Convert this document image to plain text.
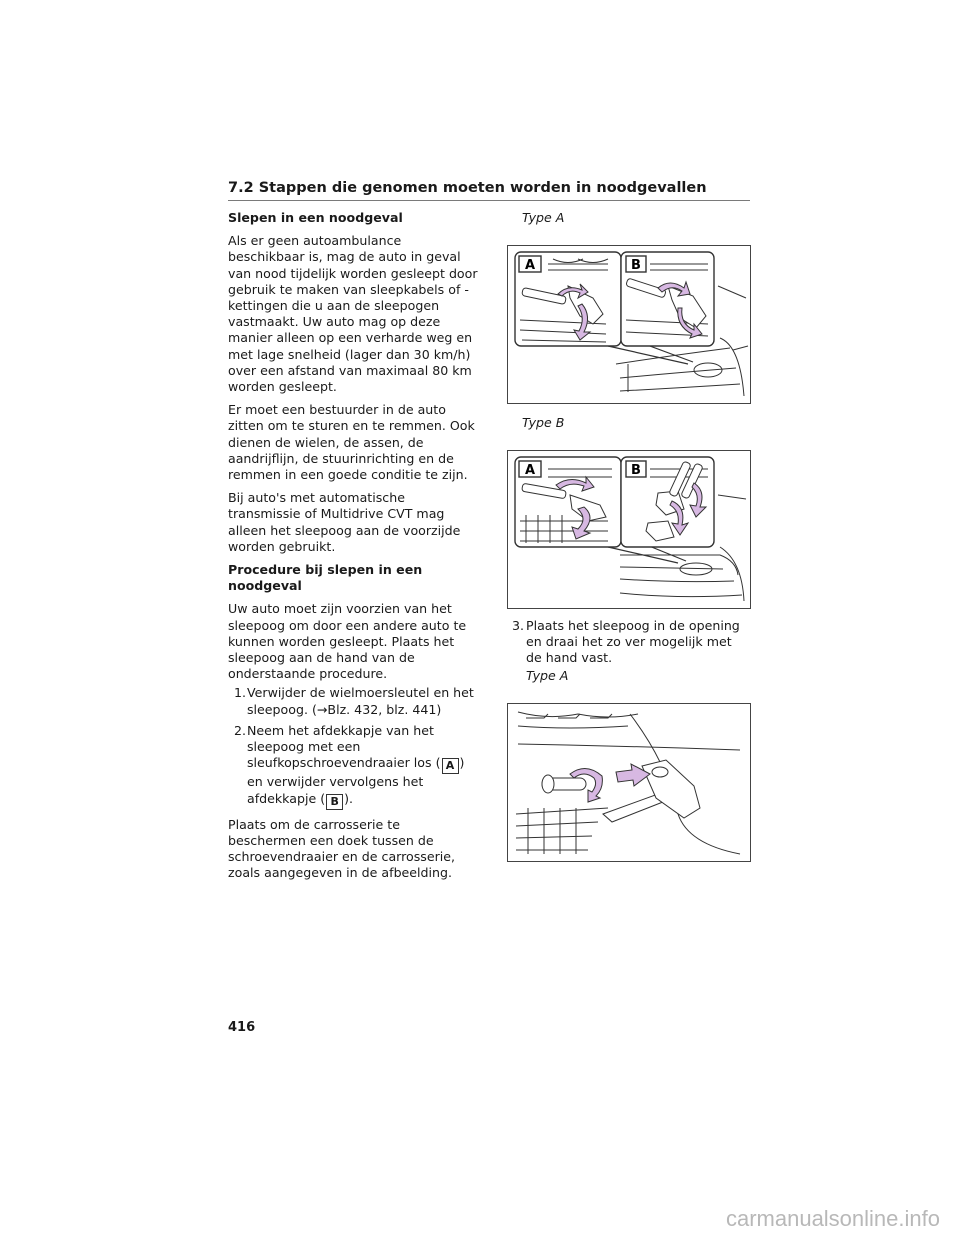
7.2 Stappen die genomen moeten worden in noodgevallen
Slepen in een noodgeval

Als er geen autoambulance beschikbaar is, mag de auto in geval van nood tijdelijk worden gesleept door gebruik te maken van sleepkabels of -kettingen die u aan de sleepogen vastmaakt. Uw auto mag op deze manier alleen op een verharde weg en met lage snelheid (lager dan 30 km/h) over een afstand van maximaal 80 km worden gesleept.

Er moet een bestuurder in de auto zitten om te sturen en te remmen. Ook dienen de wielen, de assen, de aandrijflijn, de stuurinrichting en de remmen in een goede conditie te zijn.

Bij auto's met automatische transmissie of Multidrive CVT mag alleen het sleepoog aan de voorzijde worden gebruikt.

Procedure bij slepen in een noodgeval

Uw auto moet zijn voorzien van het sleepoog om door een andere auto te kunnen worden gesleept. Plaats het sleepoog aan de hand van de onderstaande procedure.

1. Verwijder de wielmoersleutel en het sleepoog. (→Blz. 432, blz. 441)
2. Neem het afdekkapje van het sleepoog met een sleufkopschroevendraaier los ( A ) en verwijder vervolgens het afdekkapje ( B ).

Plaats om de carrosserie te beschermen een doek tussen de schroevendraaier en de carrosserie, zoals aangegeven in de afbeelding.

Type A
A	B
Type B
A	B
3. Plaats het sleepoog in de opening en draai het zo ver mogelijk met de hand vast.
Type A
416
carmanualsonline.info
